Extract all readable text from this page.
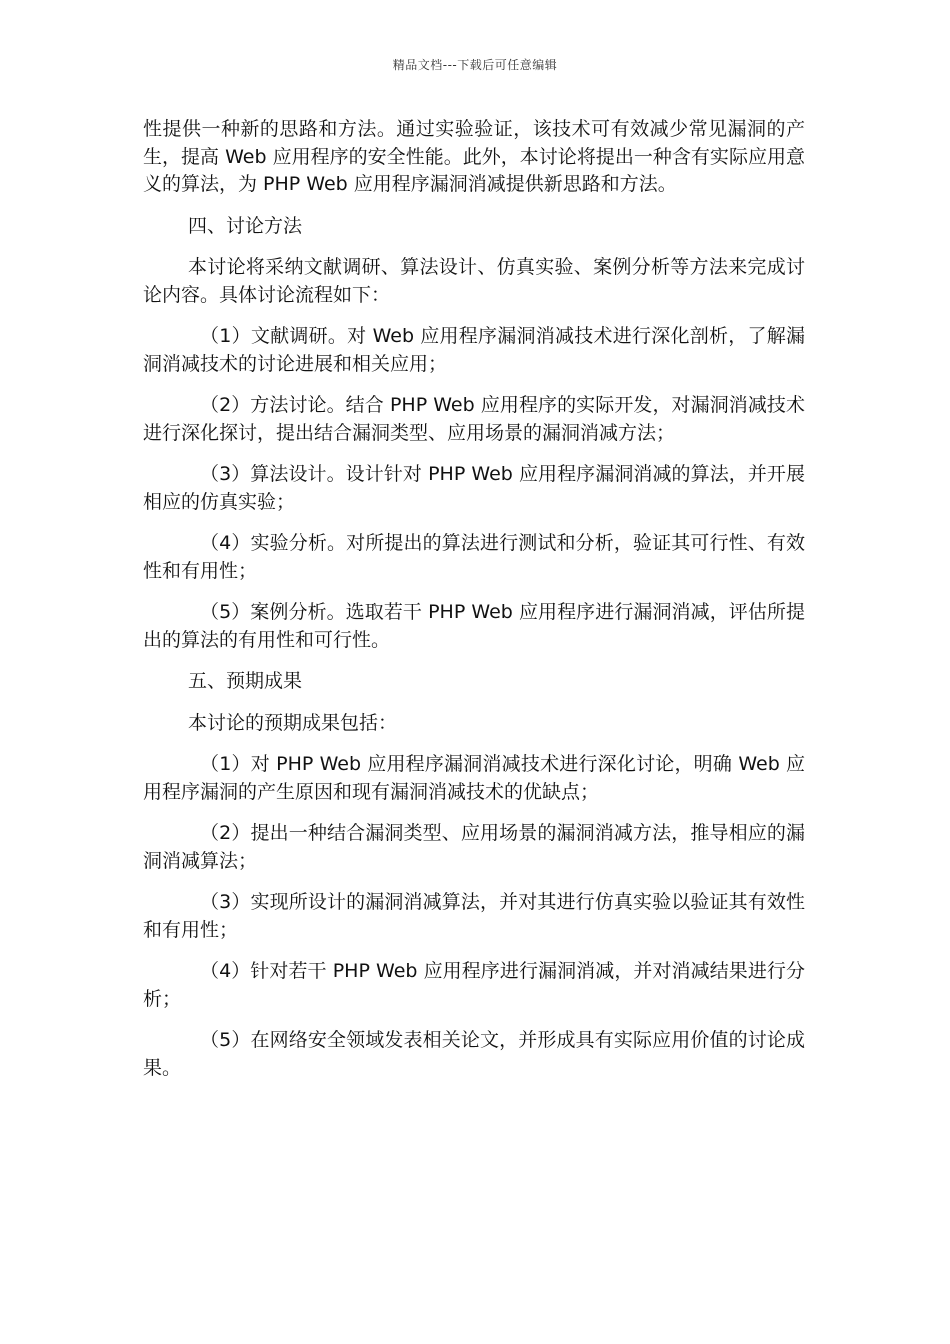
精品文档---下载后可任意编辑

性提供一种新的思路和方法。通过实验验证，该技术可有效减少常见漏洞的产生，提高 Web 应用程序的安全性能。此外，本讨论将提出一种含有实际应用意义的算法，为 PHP Web 应用程序漏洞消减提供新思路和方法。

四、讨论方法

本讨论将采纳文献调研、算法设计、仿真实验、案例分析等方法来完成讨论内容。具体讨论流程如下：

（1）文献调研。对 Web 应用程序漏洞消减技术进行深化剖析，了解漏洞消减技术的讨论进展和相关应用；

（2）方法讨论。结合 PHP Web 应用程序的实际开发，对漏洞消减技术进行深化探讨，提出结合漏洞类型、应用场景的漏洞消减方法；

（3）算法设计。设计针对 PHP Web 应用程序漏洞消减的算法，并开展相应的仿真实验；

（4）实验分析。对所提出的算法进行测试和分析，验证其可行性、有效性和有用性；

（5）案例分析。选取若干 PHP Web 应用程序进行漏洞消减，评估所提出的算法的有用性和可行性。

五、预期成果

本讨论的预期成果包括：

（1）对 PHP Web 应用程序漏洞消减技术进行深化讨论，明确 Web 应用程序漏洞的产生原因和现有漏洞消减技术的优缺点；

（2）提出一种结合漏洞类型、应用场景的漏洞消减方法，推导相应的漏洞消减算法；

（3）实现所设计的漏洞消减算法，并对其进行仿真实验以验证其有效性和有用性；

（4）针对若干 PHP Web 应用程序进行漏洞消减，并对消减结果进行分析；

（5）在网络安全领域发表相关论文，并形成具有实际应用价值的讨论成果。
